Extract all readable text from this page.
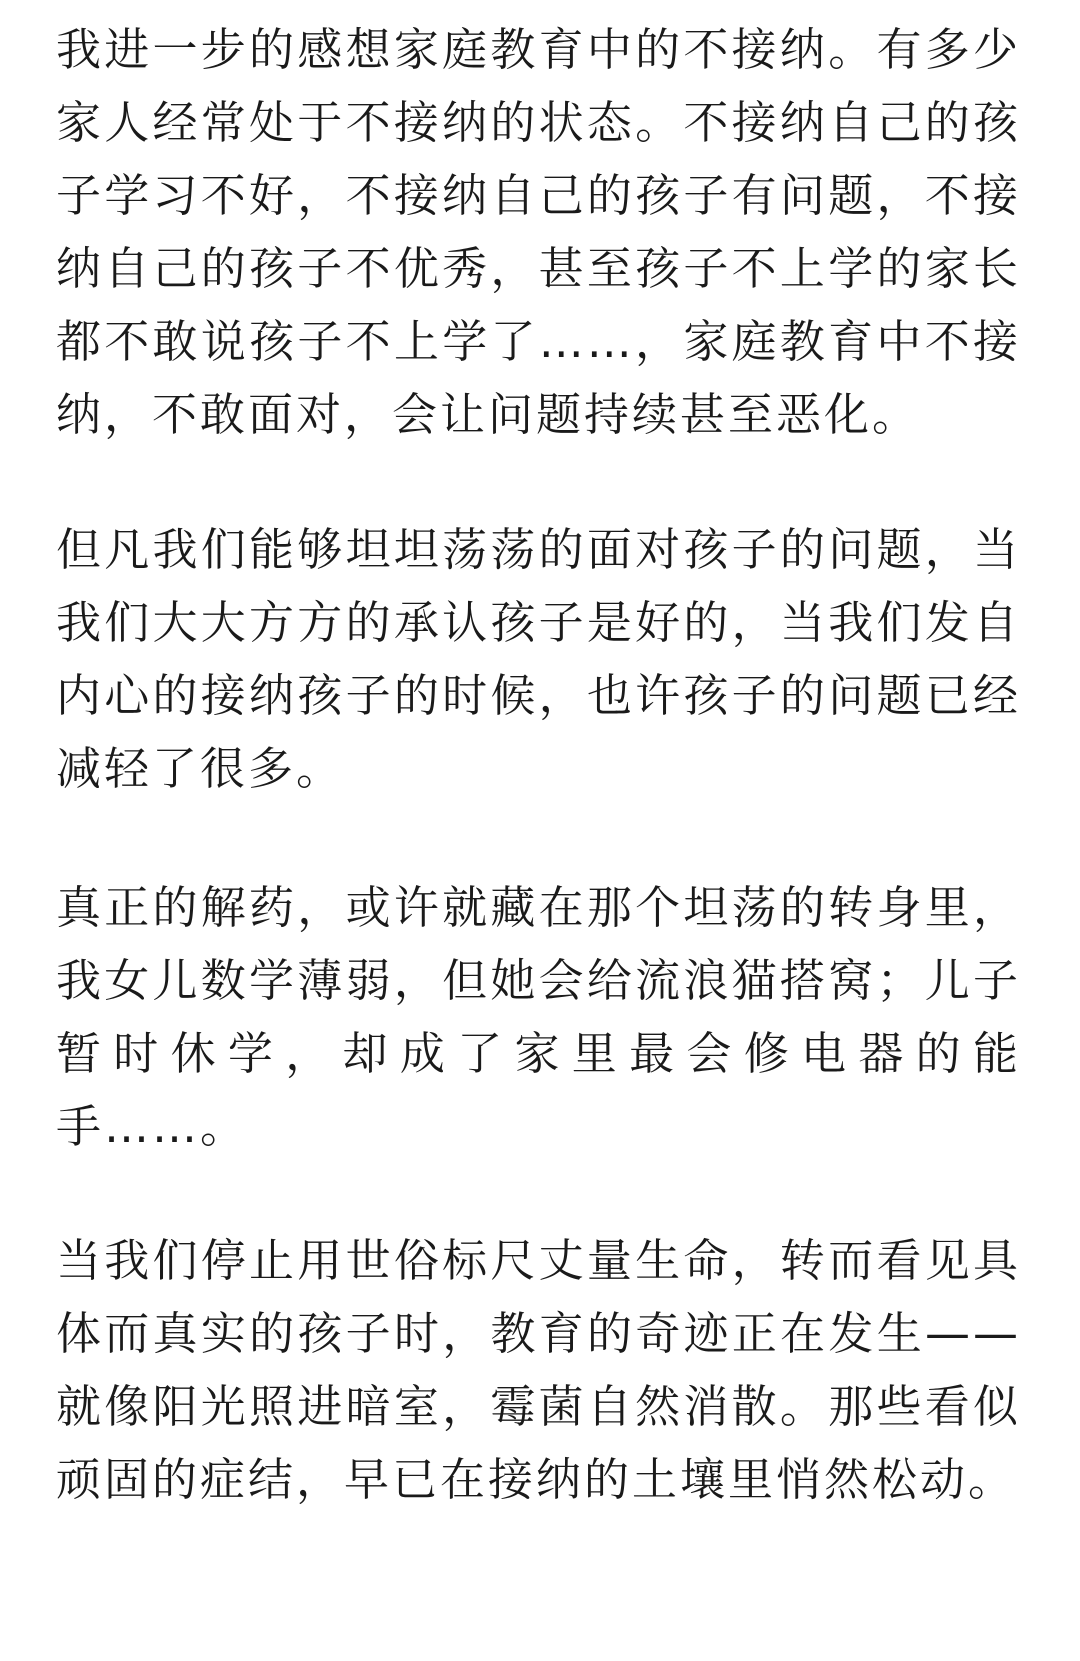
我进一步的感想家庭教育中的不接纳。有多少家人经常处于不接纳的状态。不接纳自己的孩子学习不好，不接纳自己的孩子有问题，不接纳自己的孩子不优秀，甚至孩子不上学的家长都不敢说孩子不上学了……，家庭教育中不接纳，不敢面对，会让问题持续甚至恶化。

但凡我们能够坦坦荡荡的面对孩子的问题，当我们大大方方的承认孩子是好的，当我们发自内心的接纳孩子的时候，也许孩子的问题已经减轻了很多。

真正的解药，或许就藏在那个坦荡的转身里，我女儿数学薄弱，但她会给流浪猫搭窝；儿子暂时休学，却成了家里最会修电器的能手……。

当我们停止用世俗标尺丈量生命，转而看见具体而真实的孩子时，教育的奇迹正在发生——就像阳光照进暗室，霉菌自然消散。那些看似顽固的症结，早已在接纳的土壤里悄然松动。
